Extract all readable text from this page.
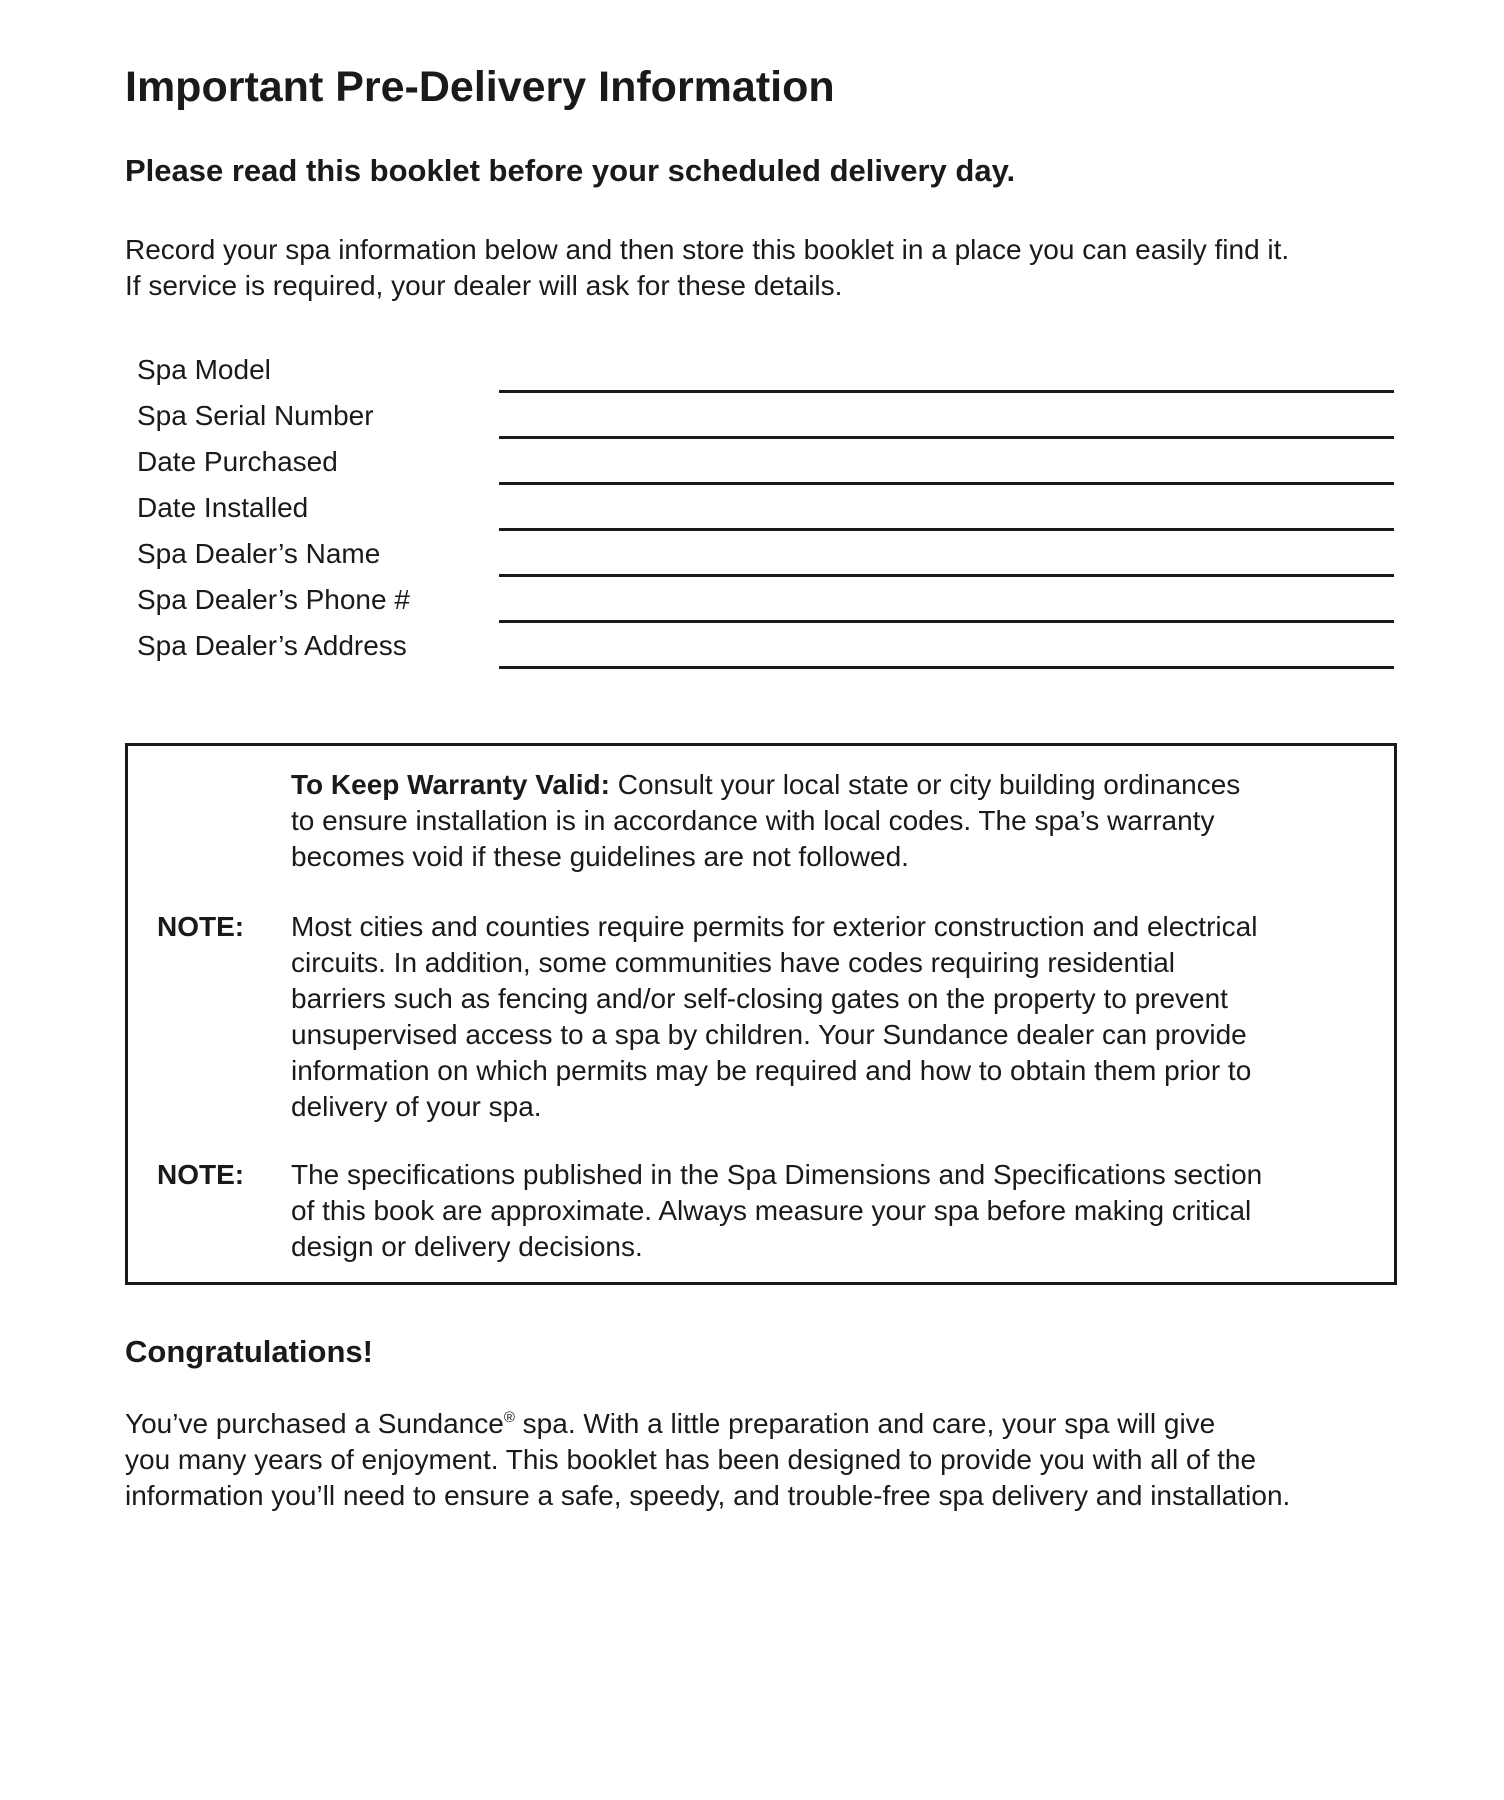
Important Pre-Delivery Information
Please read this booklet before your scheduled delivery day.

Record your spa information below and then store this booklet in a place you can easily find it.
If service is required, your dealer will ask for these details.

Spa Model
Spa Serial Number
Date Purchased
Date Installed
Spa Dealer’s Name
Spa Dealer’s Phone #
Spa Dealer’s Address
To Keep Warranty Valid: Consult your local state or city building ordinances
to ensure installation is in accordance with local codes. The spa’s warranty
becomes void if these guidelines are not followed.
NOTE: Most cities and counties require permits for exterior construction and electrical
circuits. In addition, some communities have codes requiring residential
barriers such as fencing and/or self-closing gates on the property to prevent
unsupervised access to a spa by children. Your Sundance dealer can provide
information on which permits may be required and how to obtain them prior to
delivery of your spa.
NOTE: The specifications published in the Spa Dimensions and Specifications section
of this book are approximate. Always measure your spa before making critical
design or delivery decisions.
Congratulations!

You’ve purchased a Sundance® spa. With a little preparation and care, your spa will give
you many years of enjoyment. This booklet has been designed to provide you with all of the
information you’ll need to ensure a safe, speedy, and trouble-free spa delivery and installation.
